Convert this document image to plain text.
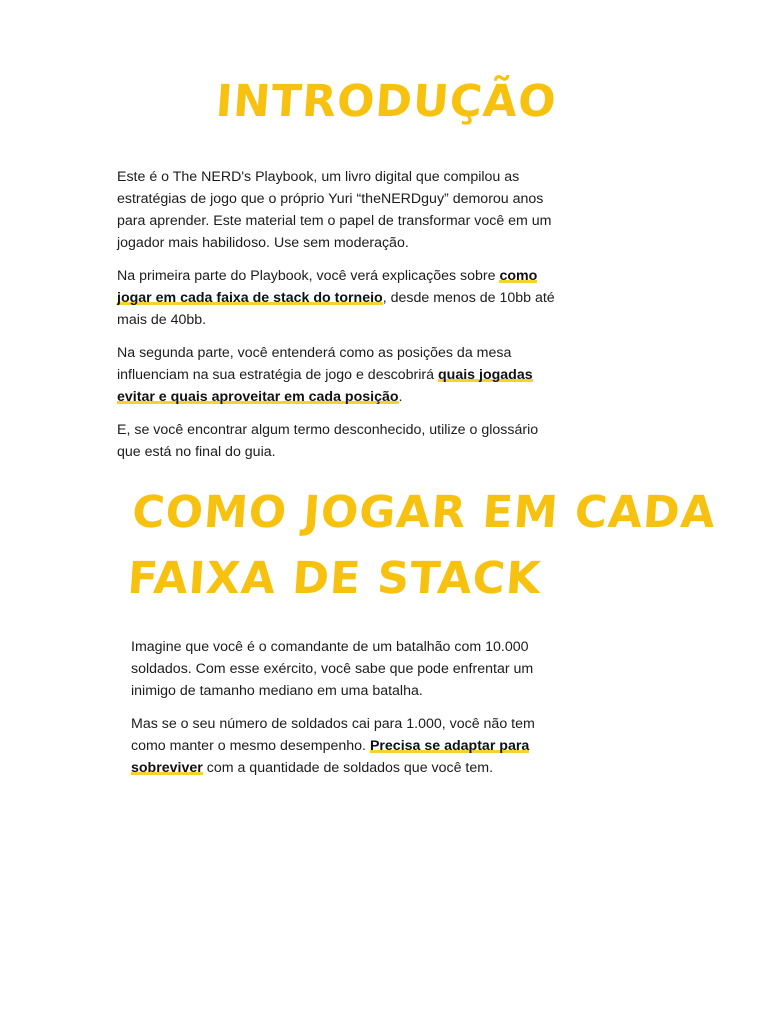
INTRODUÇÃO

Este é o The NERD's Playbook, um livro digital que compilou as estratégias de jogo que o próprio Yuri “theNERDguy” demorou anos para aprender. Este material tem o papel de transformar você em um jogador mais habilidoso. Use sem moderação.

Na primeira parte do Playbook, você verá explicações sobre como jogar em cada faixa de stack do torneio, desde menos de 10bb até mais de 40bb.

Na segunda parte, você entenderá como as posições da mesa influenciam na sua estratégia de jogo e descobrirá quais jogadas evitar e quais aproveitar em cada posição.

E, se você encontrar algum termo desconhecido, utilize o glossário que está no final do guia.

COMO JOGAR EM CADA
FAIXA DE STACK

Imagine que você é o comandante de um batalhão com 10.000 soldados. Com esse exército, você sabe que pode enfrentar um inimigo de tamanho mediano em uma batalha.

Mas se o seu número de soldados cai para 1.000, você não tem como manter o mesmo desempenho. Precisa se adaptar para sobreviver com a quantidade de soldados que você tem.
